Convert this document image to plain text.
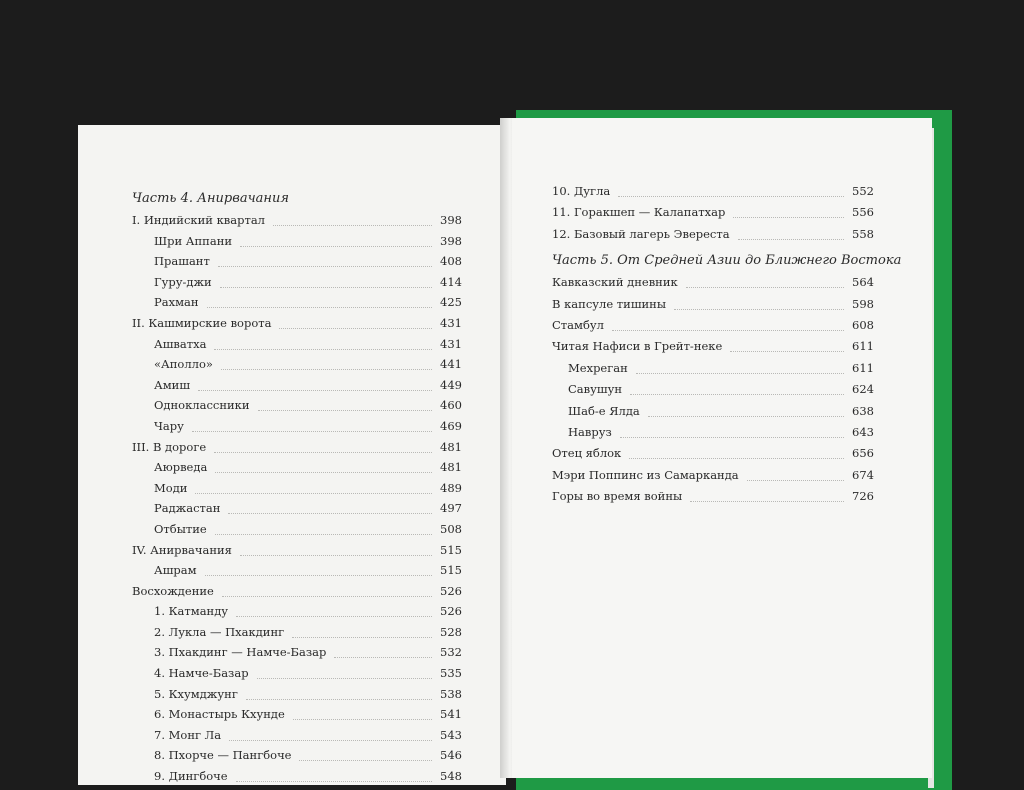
Часть 4. Анирвачания
I. Индийский квартал	398
Шри Аппани	398
Прашант	408
Гуру-джи	414
Рахман	425
II. Кашмирские ворота	431
Ашватха	431
«Аполло»	441
Амиш	449
Одноклассники	460
Чару	469
III. В дороге	481
Аюрведа	481
Моди	489
Раджастан	497
Отбытие	508
IV. Анирвачания	515
Ашрам	515
Восхождение	526
1. Катманду	526
2. Лукла — Пхакдинг	528
3. Пхакдинг — Намче-Базар	532
4. Намче-Базар	535
5. Кхумджунг	538
6. Монастырь Кхунде	541
7. Монг Ла	543
8. Пхорче — Пангбоче	546
9. Дингбоче	548
10. Дугла	552
11. Горакшеп — Калапатхар	556
12. Базовый лагерь Эвереста	558
Часть 5. От Средней Азии до Ближнего Востока
Кавказский дневник	564
В капсуле тишины	598
Стамбул	608
Читая Нафиси в Грейт-неке	611
Мехреган	611
Савушун	624
Шаб-е Ялда	638
Навруз	643
Отец яблок	656
Мэри Поппинс из Самарканда	674
Горы во время войны	726
